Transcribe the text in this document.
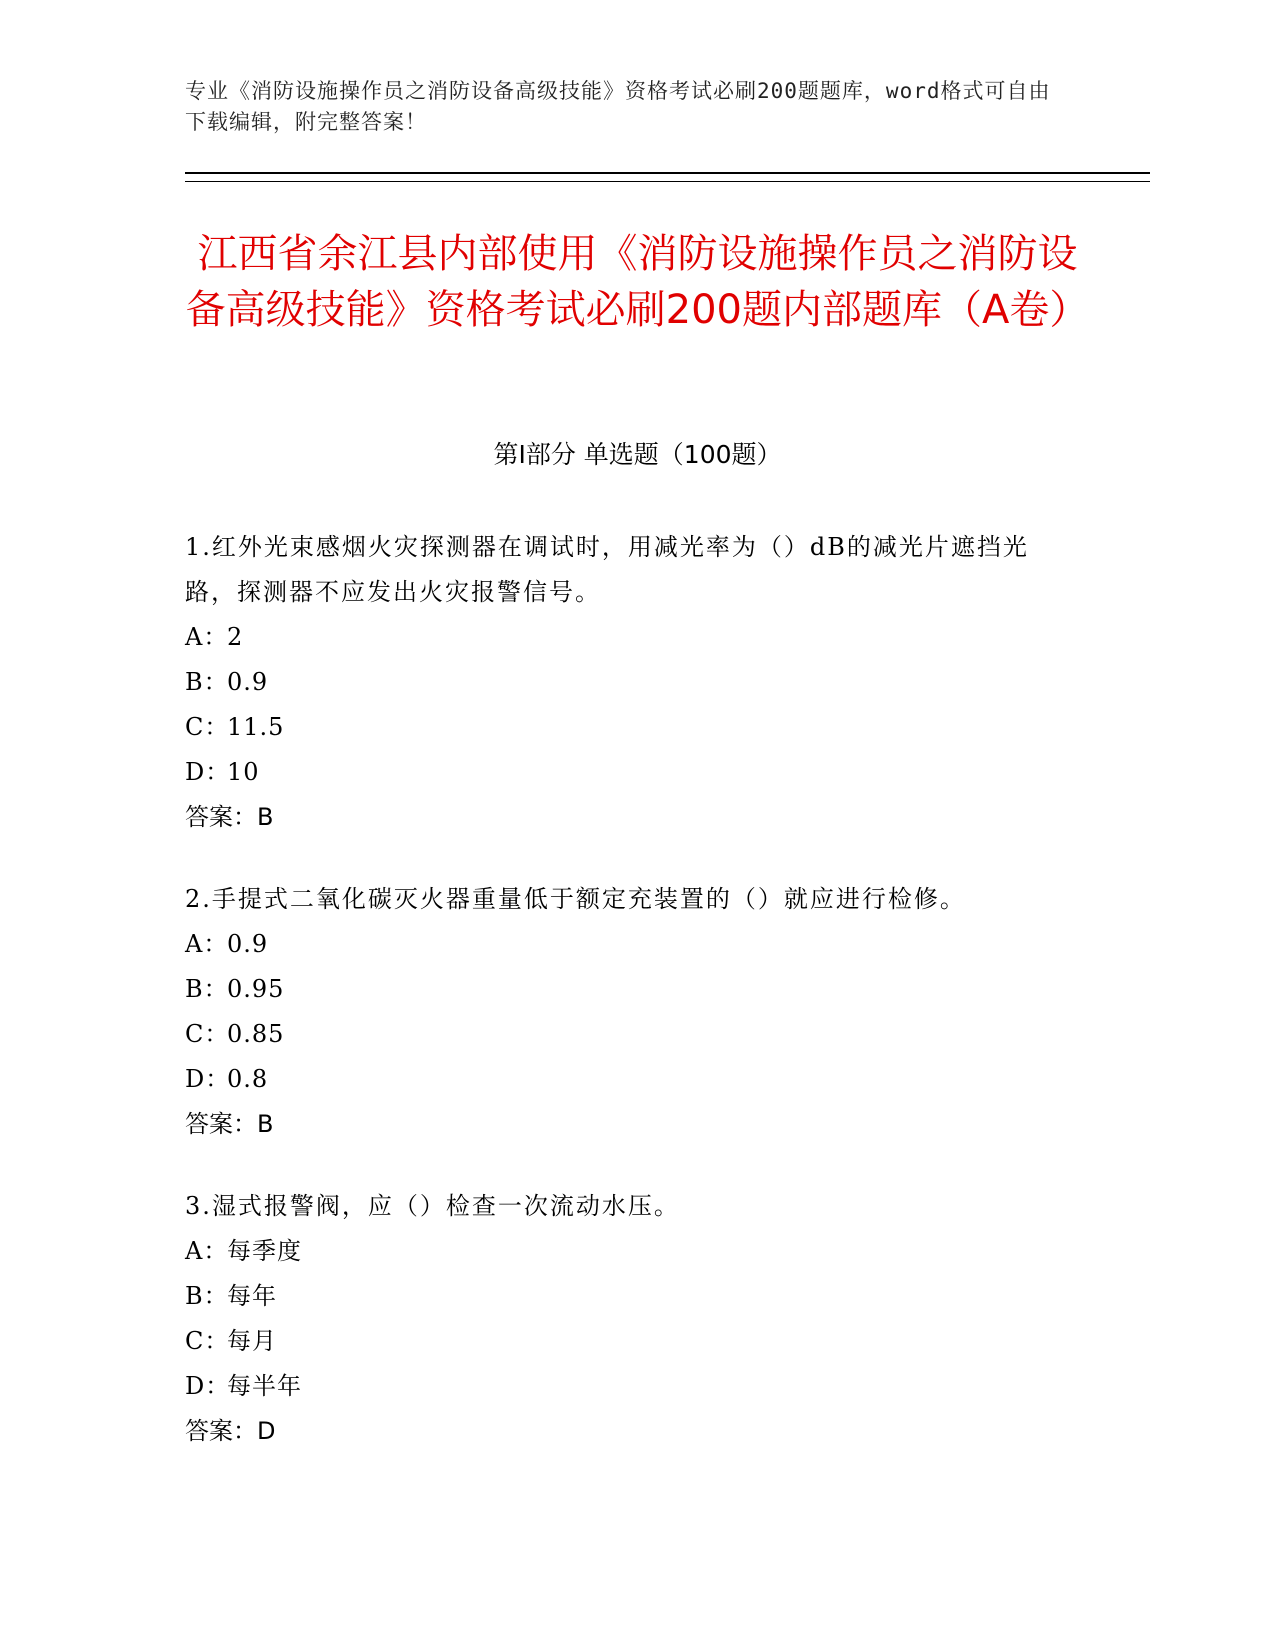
专业《消防设施操作员之消防设备高级技能》资格考试必刷200题题库，word格式可自由下载编辑，附完整答案！
江西省余江县内部使用《消防设施操作员之消防设备高级技能》资格考试必刷200题内部题库（A卷）
第I部分 单选题（100题）

1.红外光束感烟火灾探测器在调试时，用减光率为（）dB的减光片遮挡光路，探测器不应发出火灾报警信号。

A：2

B：0.9

C：11.5

D：10

答案：B

2.手提式二氧化碳灭火器重量低于额定充装置的（）就应进行检修。

A：0.9

B：0.95

C：0.85

D：0.8

答案：B

3.湿式报警阀，应（）检查一次流动水压。

A：每季度

B：每年

C：每月

D：每半年

答案：D
